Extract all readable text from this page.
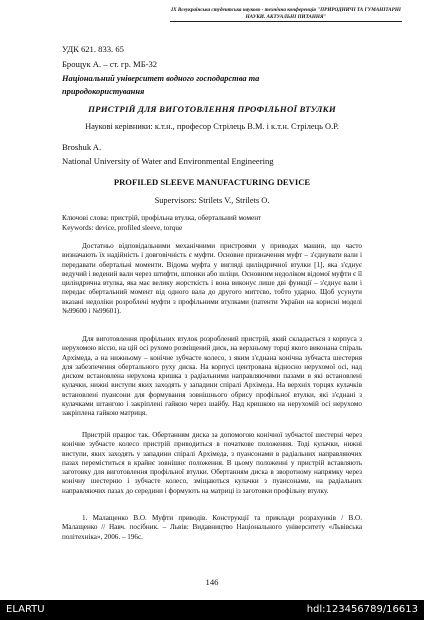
IX Всеукраїнська студентська науково - технічна конференція "ПРИРОДНИЧІ ТА ГУМАНІТАРНІ НАУКИ. АКТУАЛЬНІ ПИТАННЯ"
УДК 621. 833. 65
Брощук А. – ст. гр. МБ-32
Національний університет водного господарства та природокористування
ПРИСТРІЙ ДЛЯ ВИГОТОВЛЕННЯ ПРОФІЛЬНОЇ ВТУЛКИ
Наукові керівники: к.т.н., професор Стрілець В.М. і к.т.н. Стрілець О.Р.
Broshuk A.
National University of Water and Environmental Engineering
PROFILED SLEEVE MANUFACTURING DEVICE
Supervisors: Strilets V., Strilets O.
Ключові слова: пристрій, профільна втулка, обертальний момент
Keywords: device, profiled sleeve, torque

Достатньо відповідальними механічними пристроями у приводах машин, що часто визначають їх надійність і довговічність є муфти. Основне призначення муфт – з'єднувати вали і передавати обертальні моменти. Відома муфта у вигляді циліндричної втулки [1], яка з'єднує ведучий і ведений вали через штифти, шпонки або шліци. Основним недоліком відомої муфти є її циліндрична втулка, яка має велику жорсткість і вона виконує лише дві функції – з'єднує вали і передає обертальний момент від одного вала до другого миттєво, тобто ударно. Щоб усунути вказані недоліки розроблені муфти з профільними втулками (патенти України на корисні моделі №99600 і №99601).

Для виготовлення профільних втулок розроблений пристрій, який складається з корпуса з нерухомою віссю, на цій осі рухомо розміщений диск, на верхньому торці якого виконана спіраль Архімеда, а на нижньому – конічне зубчасте колесо, з яким з'єднана конічна зубчаста шестерня для забезпечення обертального руху диска. На корпусі центрована відносно нерухомої осі, над диском встановлена нерухома кришка з радіальними направляючими пазами в які встановлені кулачки, нижні виступи яких заходять у западини спіралі Архімеда. На верхніх торцях кулачків встановлені пуансони для формування зовнішнього обрису профільної втулки, які з'єднані з кулачками штангою і закріплені гайкою через шайбу. Над кришкою на нерухомій осі нерухомо закріплена гайкою матриця.

Пристрій працює так. Обертанням диска за допомогою конічної зубчастої шестерні через конічне зубчасте колесо пристрій приводиться в початкове положення. Тоді кулачки, нижні виступи, яких заходять у западини спіралі Архімеда, з пуансонами в радіальних направляючих пазах переміститься в крайнє зовнішнє положення. В цьому положенні у пристрій вставляють заготовку для виготовлення профільної втулки. Обертанням диска в зворотному напрямку через конічну шестерню і зубчасте колесо, зміщаються кулачки з пуансонами, на радіальних направляючих пазах до середини і формують на матриці із заготовки профільну втулку.

1. Малащенко В.О. Муфти приводів. Конструкції та приклади розрахунків / В.О. Малащенко // Навч. посібник. – Львів: Видавництво Національного університету «Львівська політехніка», 2006. – 196с.

146
ELARTU	hdl:123456789/16613
